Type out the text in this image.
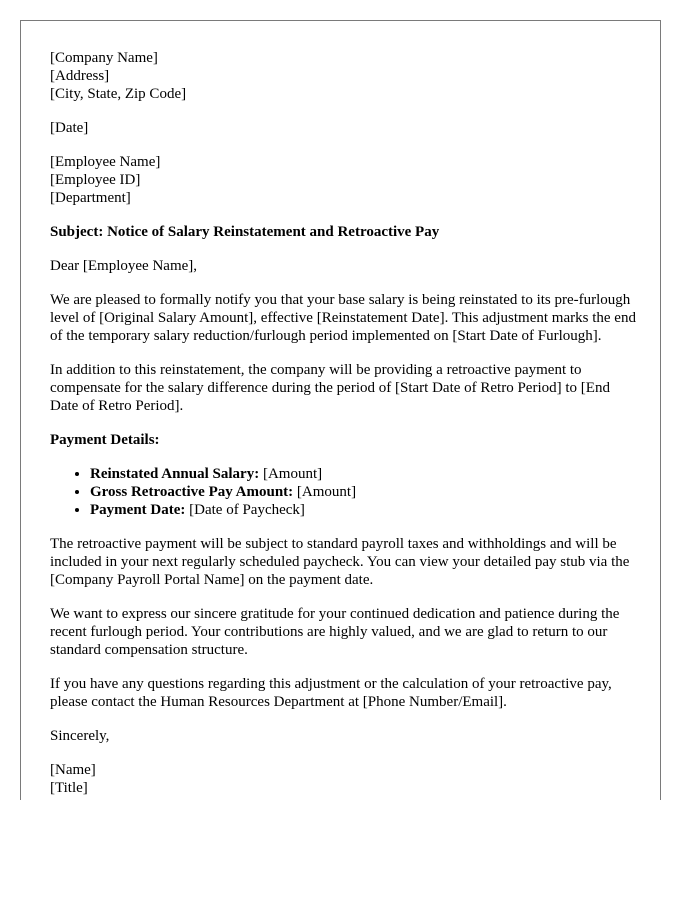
[Company Name]
[Address]
[City, State, Zip Code]

[Date]

[Employee Name]
[Employee ID]
[Department]

Subject: Notice of Salary Reinstatement and Retroactive Pay

Dear [Employee Name],

We are pleased to formally notify you that your base salary is being reinstated to its pre-furlough level of [Original Salary Amount], effective [Reinstatement Date]. This adjustment marks the end of the temporary salary reduction/furlough period implemented on [Start Date of Furlough].

In addition to this reinstatement, the company will be providing a retroactive payment to compensate for the salary difference during the period of [Start Date of Retro Period] to [End Date of Retro Period].

Payment Details:

• Reinstated Annual Salary: [Amount]
• Gross Retroactive Pay Amount: [Amount]
• Payment Date: [Date of Paycheck]

The retroactive payment will be subject to standard payroll taxes and withholdings and will be included in your next regularly scheduled paycheck. You can view your detailed pay stub via the [Company Payroll Portal Name] on the payment date.

We want to express our sincere gratitude for your continued dedication and patience during the recent furlough period. Your contributions are highly valued, and we are glad to return to our standard compensation structure.

If you have any questions regarding this adjustment or the calculation of your retroactive pay, please contact the Human Resources Department at [Phone Number/Email].

Sincerely,

[Name]
[Title]
